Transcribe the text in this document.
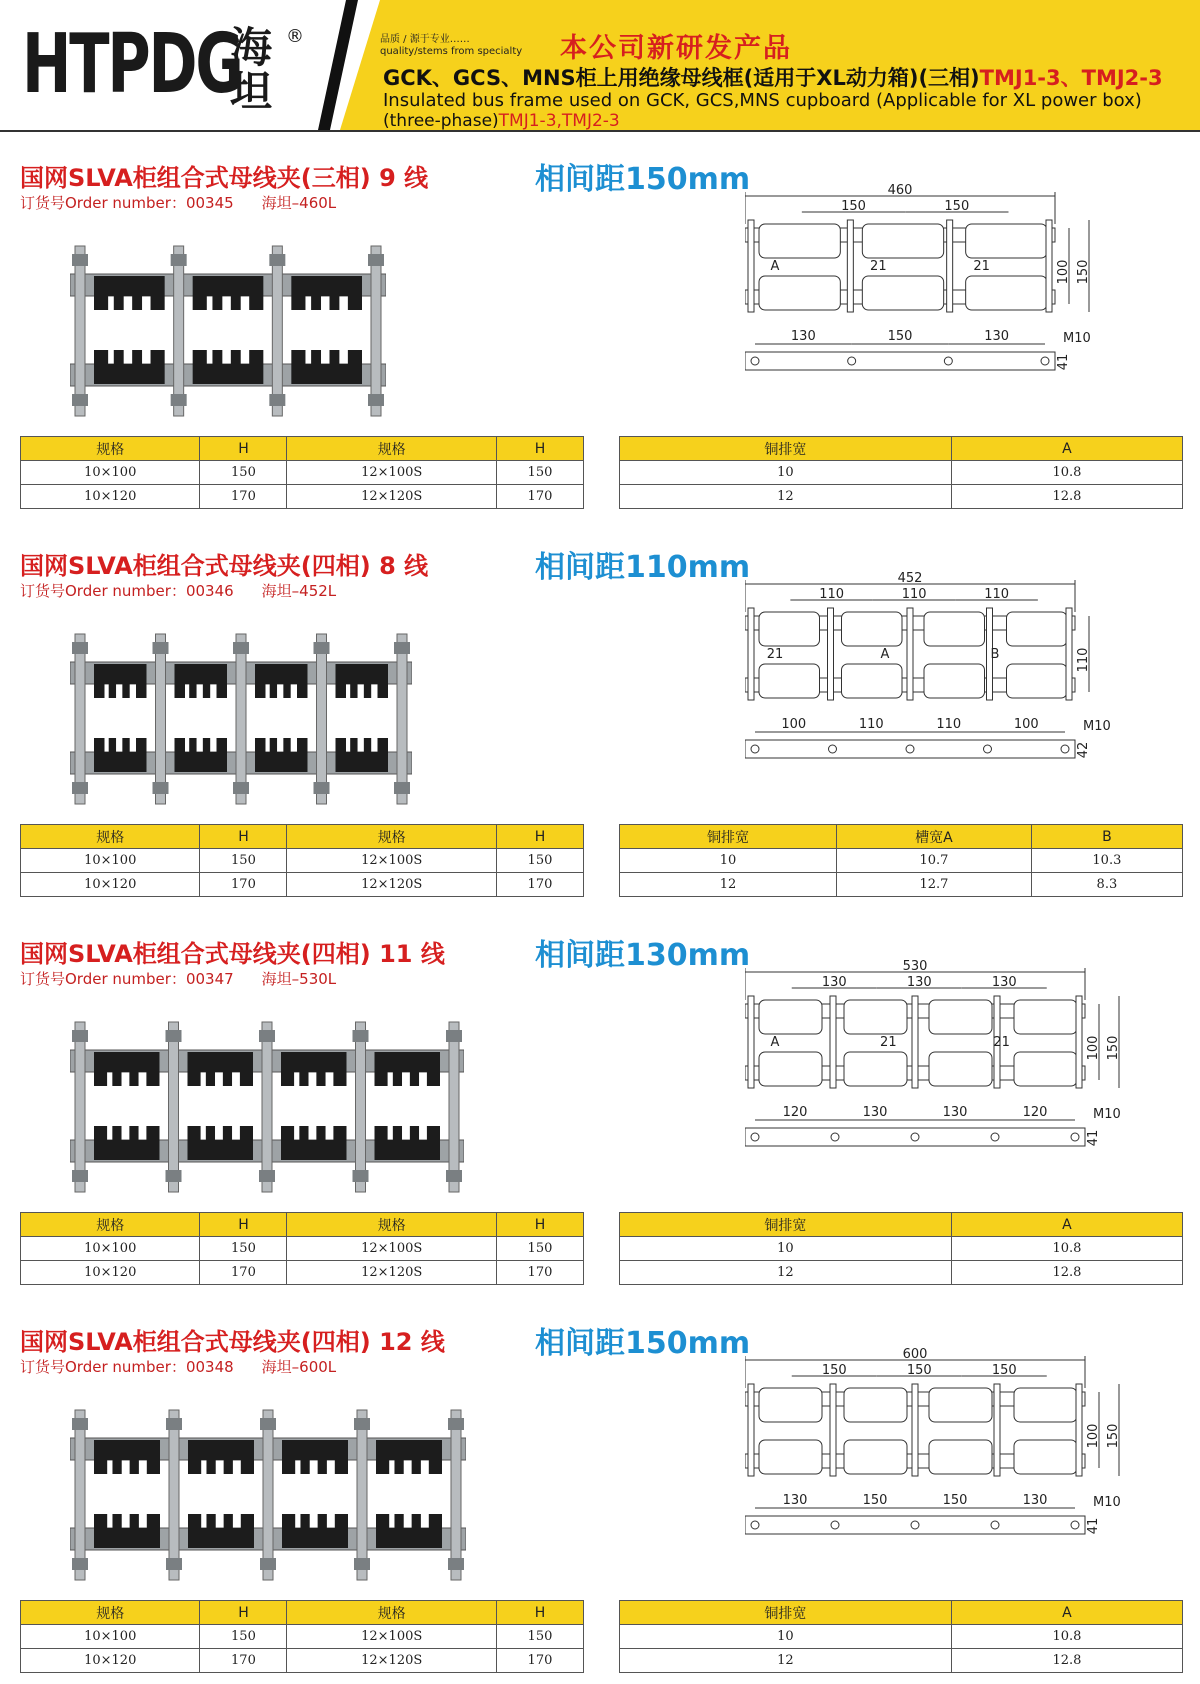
HTPDG
海坦
®	品质 / 源于专业……
quality/stems from specialty 本公司新研发产品
GCK、GCS、MNS柜上用绝缘母线框(适用于XL动力箱)(三相)TMJ1-3、TMJ2-3
Insulated bus frame used on GCK, GCS,MNS cupboard (Applicable for XL power box)
(three-phase)TMJ1-3,TMJ2-3
国网SLVA柜组合式母线夹(三相) 9 线	相间距150mm
订货号Order number：00345 海坦–460L
460
150	150
100 150
A	21	21
130	150	130	M10
41
规格	H	规格	H
10×100	150	12×100S	150
10×120	170	12×120S	170
铜排宽	A
10	10.8
12	12.8
国网SLVA柜组合式母线夹(四相) 8 线	相间距110mm
订货号Order number：00346 海坦–452L
452
110	110	110
110
21	A	B
100	110	110	100	M10
42
规格	H	规格	H
10×100	150	12×100S	150
10×120	170	12×120S	170
铜排宽	槽宽A	B
10	10.7	10.3
12	12.7	8.3
国网SLVA柜组合式母线夹(四相) 11 线	相间距130mm
订货号Order number：00347 海坦–530L
530
130	130	130
100 150
A	21	21
120	130	130	120	M10
41
规格	H	规格	H
10×100	150	12×100S	150
10×120	170	12×120S	170
铜排宽	A
10	10.8
12	12.8
国网SLVA柜组合式母线夹(四相) 12 线	相间距150mm
订货号Order number：00348 海坦–600L
600
150	150	150
100 150
130	150	150	130	M10
41
规格	H	规格	H
10×100	150	12×100S	150
10×120	170	12×120S	170
铜排宽	A
10	10.8
12	12.8
